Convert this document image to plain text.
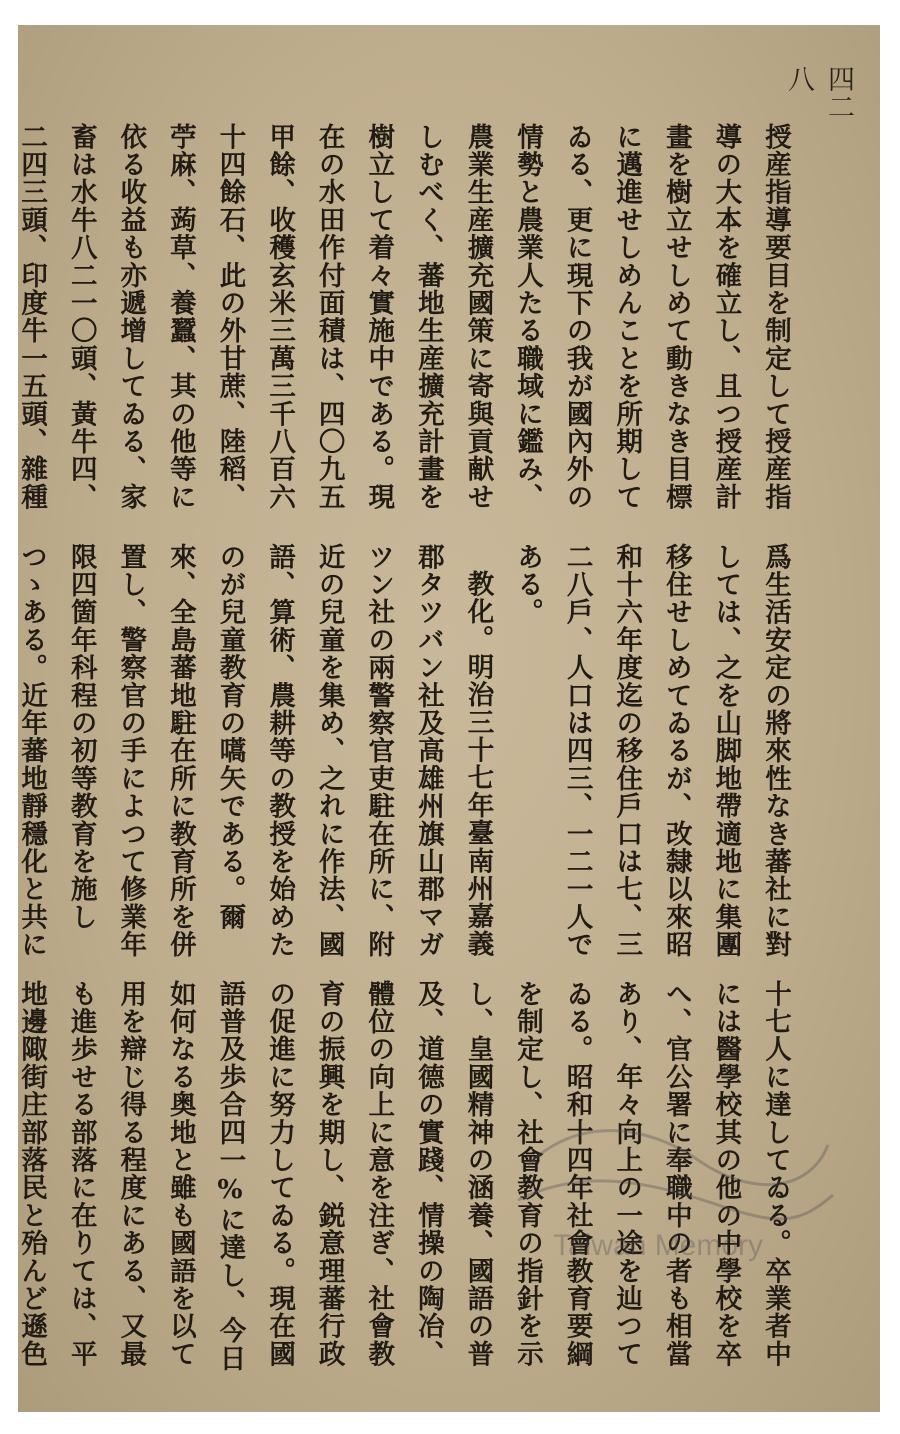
四二八

授産指導要目を制定して授産指導の大本を確立し、且つ授産計畫を樹立せしめて動きなき目標に邁進せしめんことを所期してゐる、更に現下の我が國內外の情勢と農業人たる職域に鑑み、農業生産擴充國策に寄與貢献せしむべく、蕃地生産擴充計畫を樹立して着々實施中である。現在の水田作付面積は、四〇九五甲餘、收穫玄米三萬三千八百六十四餘石、此の外甘蔗、陸稻、苧麻、蒟草、養蠶、其の他等に依る收益も亦遞增してゐる、家畜は水牛八二一〇頭、黃牛四、二四三頭、印度牛一五頭、雜種

爲生活安定の將來性なき蕃社に對しては、之を山脚地帶適地に集團移住せしめてゐるが、改隸以來昭和十六年度迄の移住戶口は七、三二八戶、人口は四三、一二一人である。

教化。明治三十七年臺南州嘉義郡タツバン社及高雄州旗山郡マガツン社の兩警察官吏駐在所に、附近の兒童を集め、之れに作法、國語、算術、農耕等の教授を始めたのが兒童教育の嚆矢である。爾來、全島蕃地駐在所に教育所を併置し、警察官の手によつて修業年限四箇年科程の初等教育を施しつゝある。近年蕃地靜穩化と共に

十七人に達してゐる。卒業者中には醫學校其の他の中學校を卒へ、官公署に奉職中の者も相當あり、年々向上の一途を辿つてゐる。昭和十四年社會教育要綱を制定し、社會教育の指針を示し、皇國精神の涵養、國語の普及、道德の實踐、情操の陶冶、體位の向上に意を注ぎ、社會教育の振興を期し、鋭意理蕃行政の促進に努力してゐる。現在國語普及歩合四一%に達し、今日如何なる奥地と雖も國語を以て用を辯じ得る程度にある、又最も進歩せる部落に在りては、平地邊陬街庄部落民と殆んど遜色

Taiwan Memory
